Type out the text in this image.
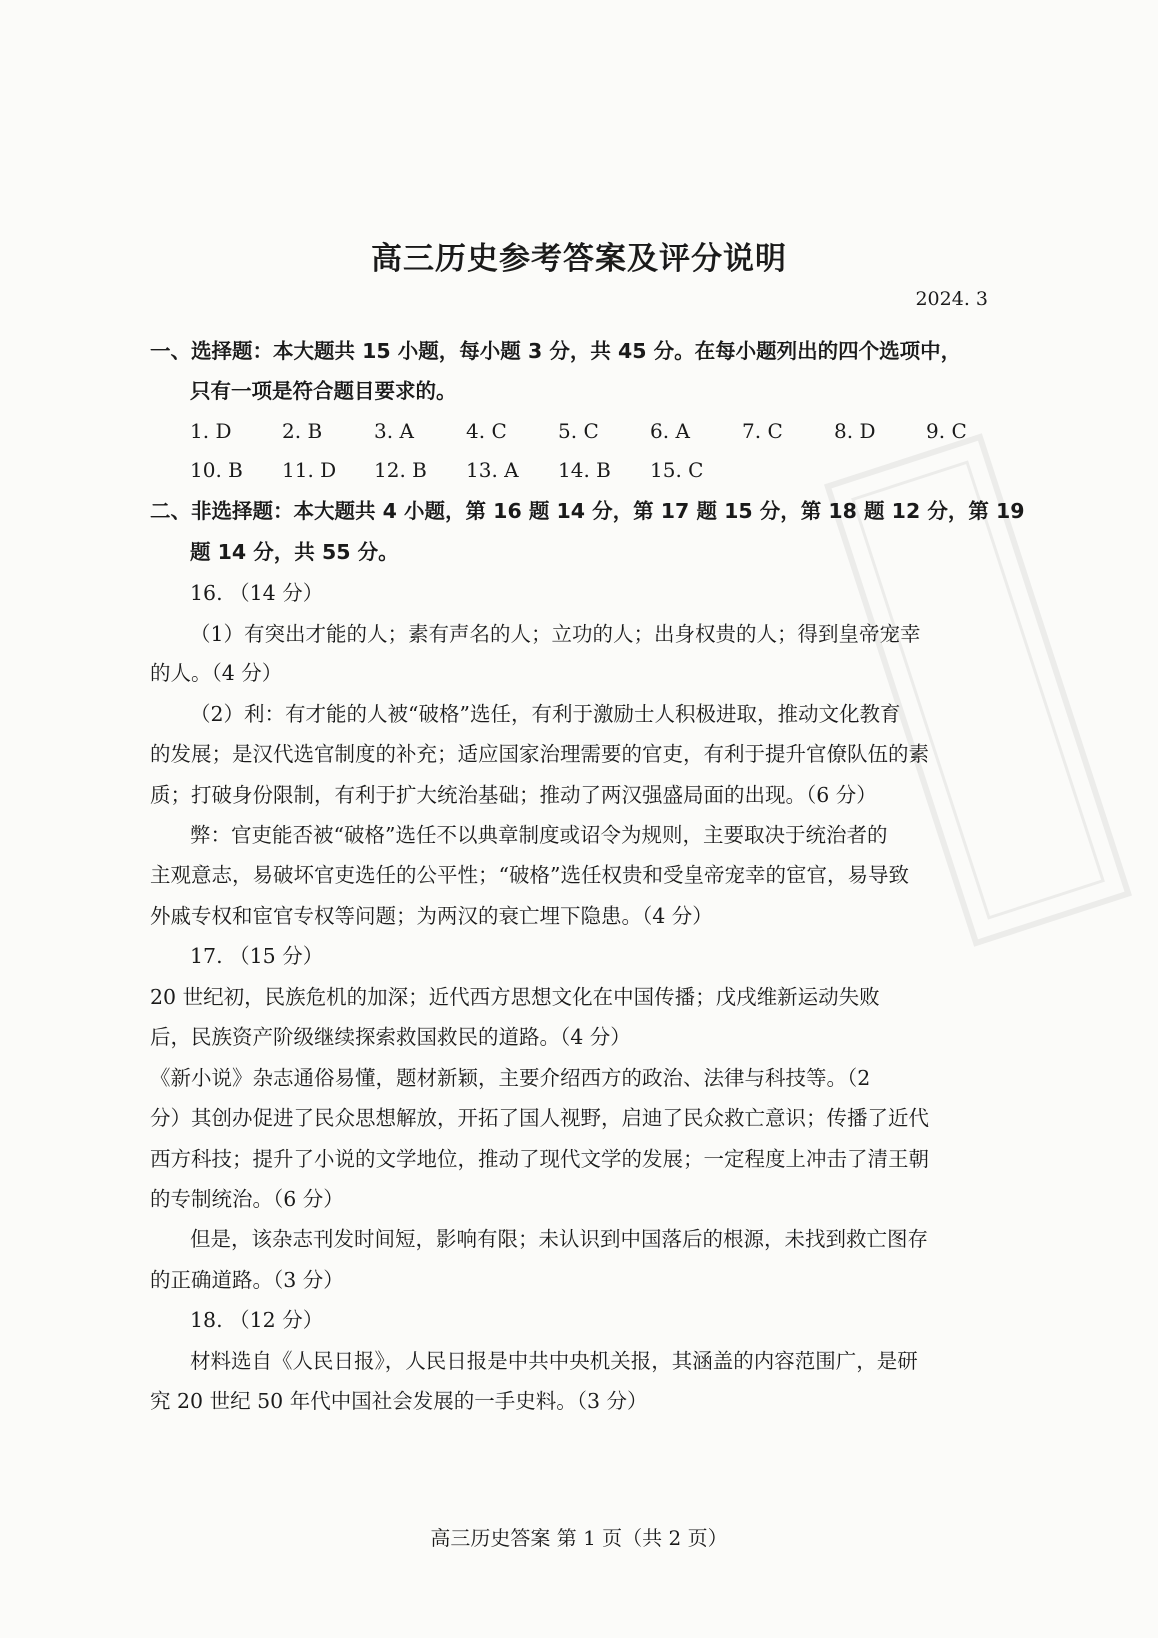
高三历史参考答案及评分说明
2024. 3
一、选择题：本大题共 15 小题，每小题 3 分，共 45 分。在每小题列出的四个选项中，
只有一项是符合题目要求的。
1. D	2. B	3. A	4. C	5. C	6. A	7. C	8. D	9. C
10. B 11. D 12. B 13. A 14. B 15. C
二、非选择题：本大题共 4 小题，第 16 题 14 分，第 17 题 15 分，第 18 题 12 分，第 19
题 14 分，共 55 分。
16. （14 分）
（1）有突出才能的人；素有声名的人；立功的人；出身权贵的人；得到皇帝宠幸
的人。（4 分）
（2）利：有才能的人被“破格”选任，有利于激励士人积极进取，推动文化教育
的发展；是汉代选官制度的补充；适应国家治理需要的官吏，有利于提升官僚队伍的素
质；打破身份限制，有利于扩大统治基础；推动了两汉强盛局面的出现。（6 分）
弊：官吏能否被“破格”选任不以典章制度或诏令为规则，主要取决于统治者的
主观意志，易破坏官吏选任的公平性；“破格”选任权贵和受皇帝宠幸的宦官，易导致
外戚专权和宦官专权等问题；为两汉的衰亡埋下隐患。（4 分）
17. （15 分）
20 世纪初，民族危机的加深；近代西方思想文化在中国传播；戊戌维新运动失败
后，民族资产阶级继续探索救国救民的道路。（4 分）
《新小说》杂志通俗易懂，题材新颖，主要介绍西方的政治、法律与科技等。（2
分）其创办促进了民众思想解放，开拓了国人视野，启迪了民众救亡意识；传播了近代
西方科技；提升了小说的文学地位，推动了现代文学的发展；一定程度上冲击了清王朝
的专制统治。（6 分）
但是，该杂志刊发时间短，影响有限；未认识到中国落后的根源，未找到救亡图存
的正确道路。（3 分）
18. （12 分）
材料选自《人民日报》，人民日报是中共中央机关报，其涵盖的内容范围广，是研
究 20 世纪 50 年代中国社会发展的一手史料。（3 分）
高三历史答案 第 1 页（共 2 页）
